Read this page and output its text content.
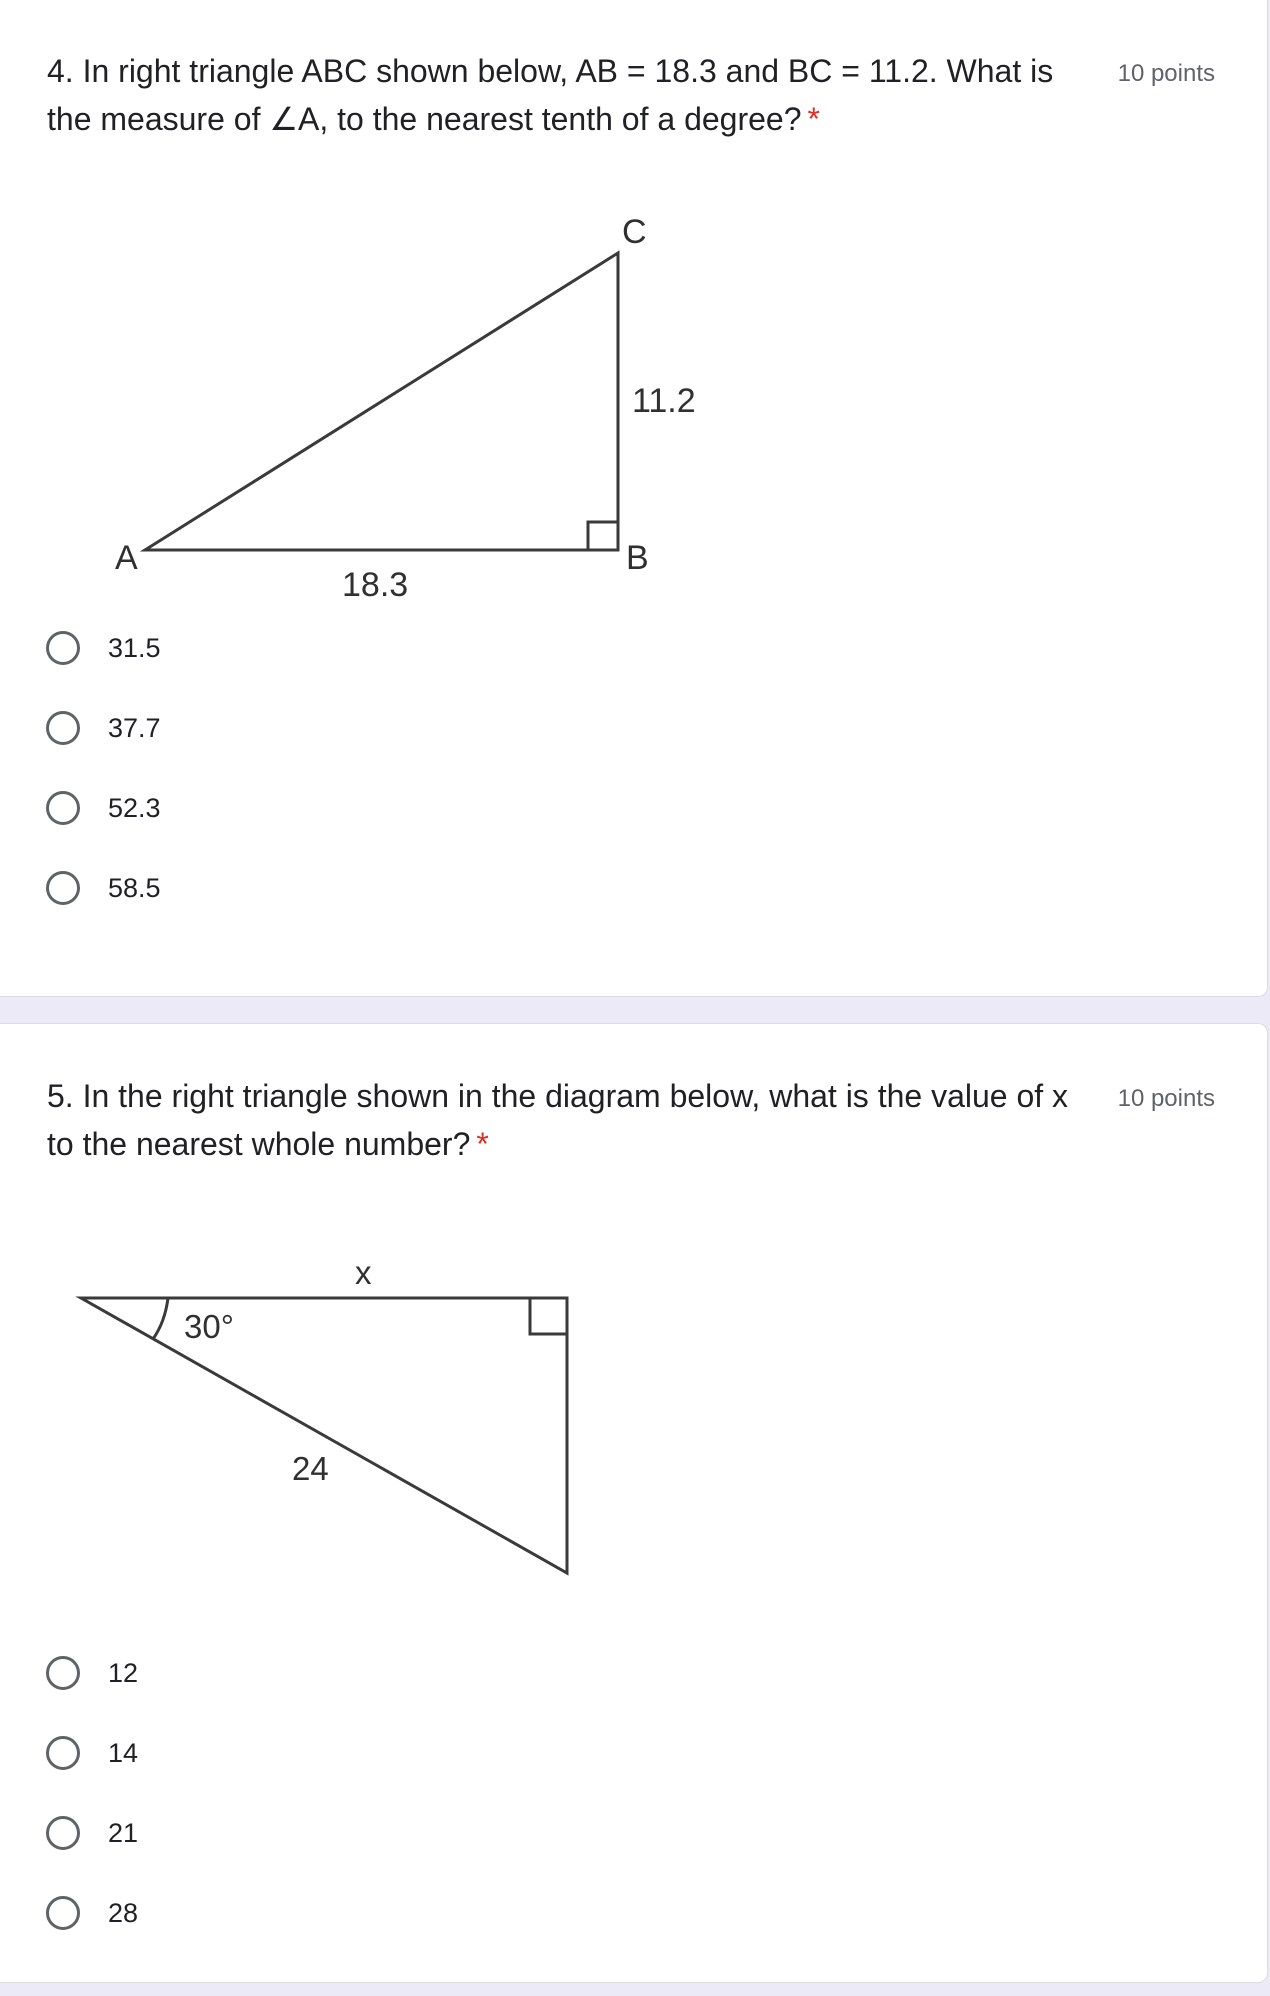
4. In right triangle ABC shown below, AB = 18.3 and BC = 11.2. What is the measure of ∠A, to the nearest tenth of a degree? *
10 points
A	B
C
18.3
11.2
31.5
37.7
52.3
58.5
5. In the right triangle shown in the diagram below, what is the value of x to the nearest whole number? *
10 points
30°
x
24
12
14
21
28
